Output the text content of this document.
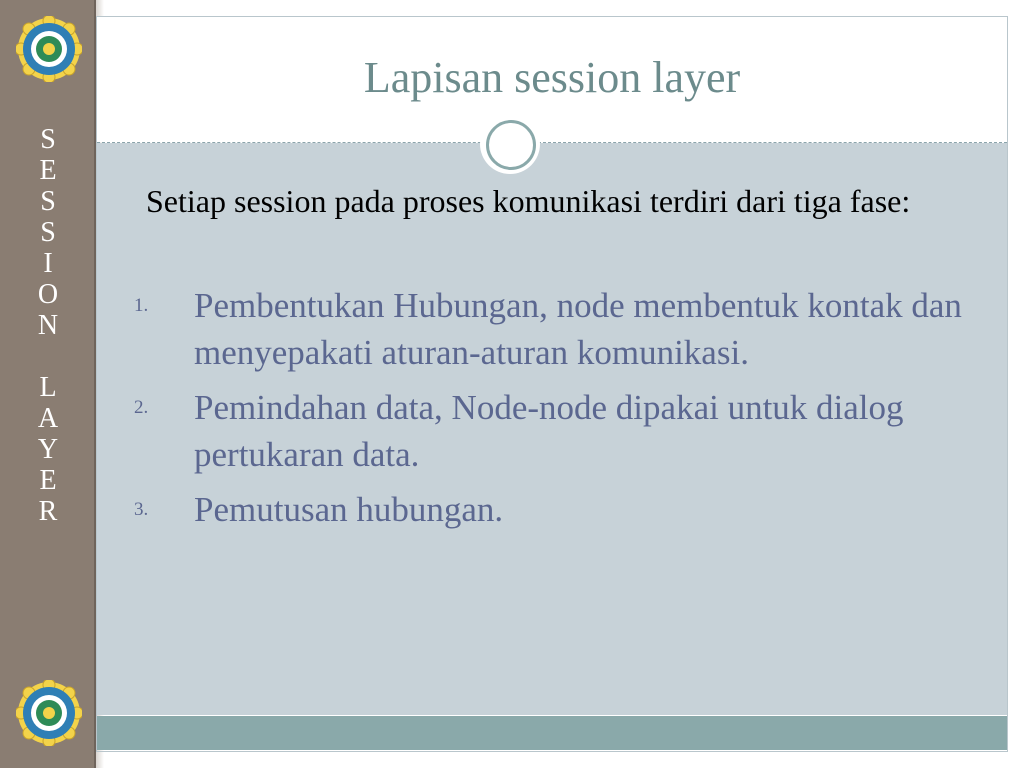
S
E
S
S
I
O
N
L
A
Y
E
R
Lapisan session layer

Setiap session pada proses komunikasi terdiri dari tiga fase:

1. Pembentukan Hubungan, node membentuk kontak dan menyepakati aturan-aturan komunikasi.
2. Pemindahan data, Node-node dipakai untuk dialog pertukaran data.
3. Pemutusan hubungan.
